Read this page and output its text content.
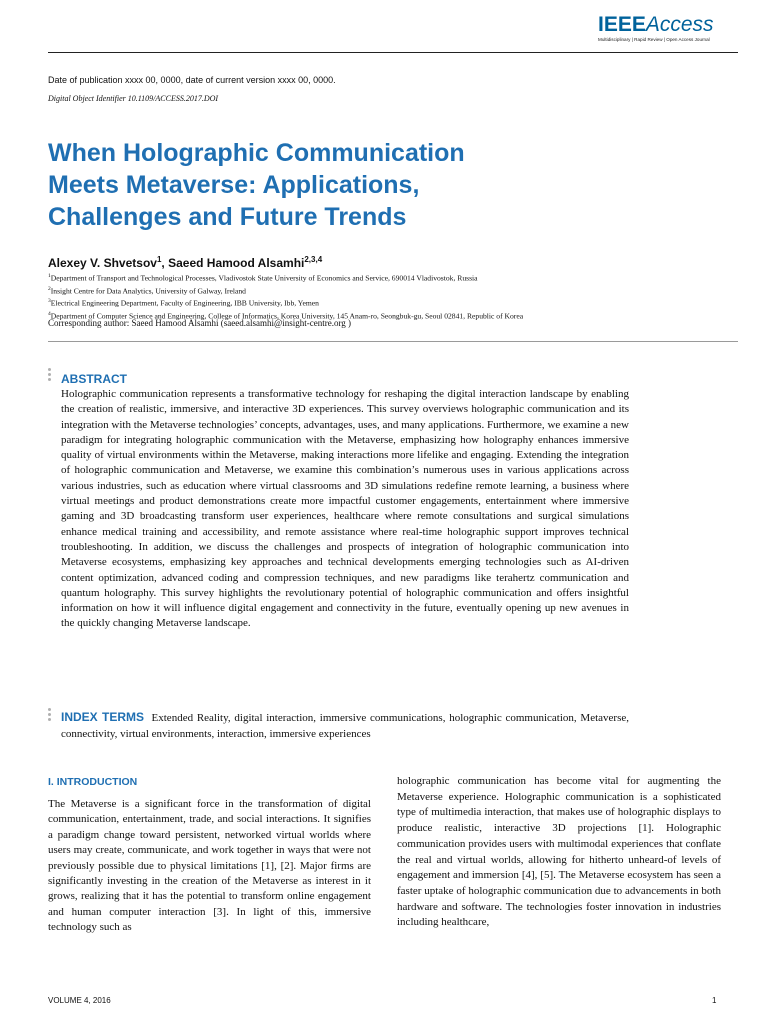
IEEEAccess
Multidisciplinary | Rapid Review | Open Access Journal
Date of publication xxxx 00, 0000, date of current version xxxx 00, 0000.
Digital Object Identifier 10.1109/ACCESS.2017.DOI
When Holographic Communication
Meets Metaverse: Applications,
Challenges and Future Trends
Alexey V. Shvetsov$^1$, Saeed Hamood Alsamhi$^{2,3,4}$
$^1$Department of Transport and Technological Processes, Vladivostok State University of Economics and Service, 690014 Vladivostok, Russia
$^2$Insight Centre for Data Analytics, University of Galway, Ireland
$^3$Electrical Engineering Department, Faculty of Engineering, IBB University, Ibb, Yemen
$^4$Department of Computer Science and Engineering, College of Informatics, Korea University, 145 Anam-ro, Seongbuk-gu, Seoul 02841, Republic of Korea
Corresponding author: Saeed Hamood Alsamhi (saeed.alsamhi@insight-centre.org )
ABSTRACT

Holographic communication represents a transformative technology for reshaping the digital interaction landscape by enabling the creation of realistic, immersive, and interactive 3D experiences. This survey overviews holographic communication and its integration with the Metaverse technologies’ concepts, advantages, uses, and many applications. Furthermore, we examine a new paradigm for integrating holographic communication with the Metaverse, emphasizing how holography enhances immersive quality of virtual environments within the Metaverse, making interactions more lifelike and engaging. Extending the integration of holographic communication and Metaverse, we examine this combination’s numerous uses in various applications across various industries, such as education where virtual classrooms and 3D simulations redefine remote learning, a business where virtual meetings and product demonstrations create more impactful customer engagements, entertainment where immersive gaming and 3D broadcasting transform user experiences, healthcare where remote consultations and surgical simulations enhance medical training and accessibility, and remote assistance where real-time holographic support improves technical troubleshooting. In addition, we discuss the challenges and prospects of integration of holographic communication into Metaverse ecosystems, emphasizing key approaches and technical developments emerging technologies such as AI-driven content optimization, advanced coding and compression techniques, and new paradigms like terahertz communication and quantum holography. This survey highlights the revolutionary potential of holographic communication and offers insightful information on how it will influence digital engagement and connectivity in the future, eventually opening up new avenues in the quickly changing Metaverse landscape.

INDEX TERMS Extended Reality, digital interaction, immersive communications, holographic communication, Metaverse, connectivity, virtual environments, interaction, immersive experiences

I. INTRODUCTION

The Metaverse is a significant force in the transformation of digital communication, entertainment, trade, and social interactions. It signifies a paradigm change toward persistent, networked virtual worlds where users may create, communicate, and work together in ways that were not previously possible due to physical limitations [1], [2]. Major firms are significantly investing in the creation of the Metaverse as interest in it grows, realizing that it has the potential to transform online engagement and human computer interaction [3]. In light of this, immersive technology such as

holographic communication has become vital for augmenting the Metaverse experience. Holographic communication is a sophisticated type of multimedia interaction, that makes use of holographic displays to produce realistic, interactive 3D projections [1]. Holographic communication provides users with multimodal experiences that conflate the real and virtual worlds, allowing for hitherto unheard-of levels of engagement and immersion [4], [5]. The Metaverse ecosystem has seen a faster uptake of holographic communication due to advancements in both hardware and software. The technologies foster innovation in industries including healthcare,

VOLUME 4, 2016	1
